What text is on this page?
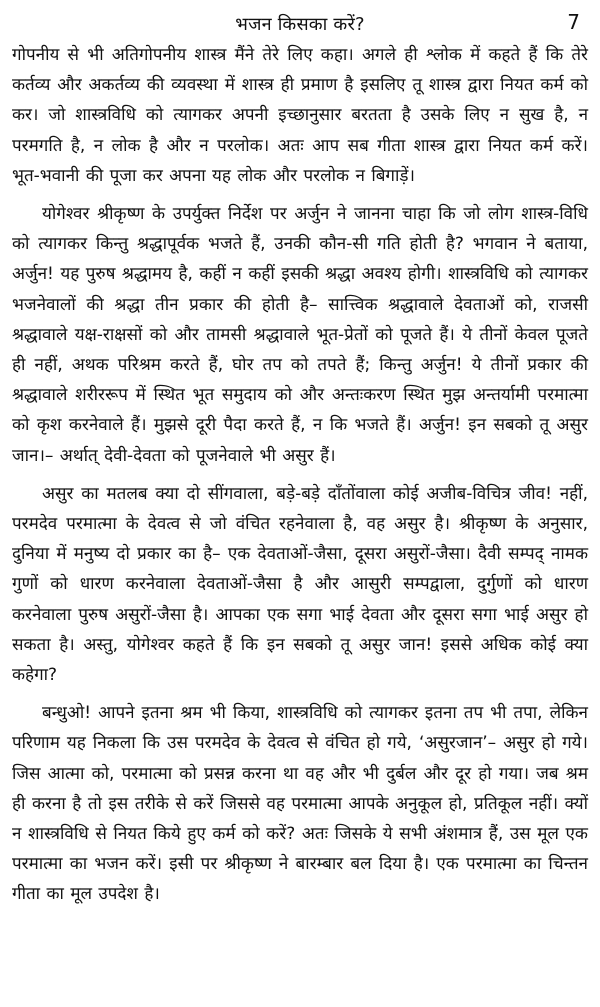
भजन किसका करें?	7

गोपनीय से भी अतिगोपनीय शास्त्र मैंने तेरे लिए कहा। अगले ही श्लोक में कहते हैं कि तेरे कर्तव्य और अकर्तव्य की व्यवस्था में शास्त्र ही प्रमाण है इसलिए तू शास्त्र द्वारा नियत कर्म को कर। जो शास्त्रविधि को त्यागकर अपनी इच्छानुसार बरतता है उसके लिए न सुख है, न परमगति है, न लोक है और न परलोक। अतः आप सब गीता शास्त्र द्वारा नियत कर्म करें। भूत-भवानी की पूजा कर अपना यह लोक और परलोक न बिगाड़ें।

योगेश्वर श्रीकृष्ण के उपर्युक्त निर्देश पर अर्जुन ने जानना चाहा कि जो लोग शास्त्र-विधि को त्यागकर किन्तु श्रद्धापूर्वक भजते हैं, उनकी कौन-सी गति होती है? भगवान ने बताया, अर्जुन! यह पुरुष श्रद्धामय है, कहीं न कहीं इसकी श्रद्धा अवश्य होगी। शास्त्रविधि को त्यागकर भजनेवालों की श्रद्धा तीन प्रकार की होती है– सात्त्विक श्रद्धावाले देवताओं को, राजसी श्रद्धावाले यक्ष-राक्षसों को और तामसी श्रद्धावाले भूत-प्रेतों को पूजते हैं। ये तीनों केवल पूजते ही नहीं, अथक परिश्रम करते हैं, घोर तप को तपते हैं; किन्तु अर्जुन! ये तीनों प्रकार की श्रद्धावाले शरीररूप में स्थित भूत समुदाय को और अन्तःकरण स्थित मुझ अन्तर्यामी परमात्मा को कृश करनेवाले हैं। मुझसे दूरी पैदा करते हैं, न कि भजते हैं। अर्जुन! इन सबको तू असुर जान।– अर्थात् देवी-देवता को पूजनेवाले भी असुर हैं।

असुर का मतलब क्या दो सींगवाला, बड़े-बड़े दाँतोंवाला कोई अजीब-विचित्र जीव! नहीं, परमदेव परमात्मा के देवत्व से जो वंचित रहनेवाला है, वह असुर है। श्रीकृष्ण के अनुसार, दुनिया में मनुष्य दो प्रकार का है– एक देवताओं-जैसा, दूसरा असुरों-जैसा। दैवी सम्पद् नामक गुणों को धारण करनेवाला देवताओं-जैसा है और आसुरी सम्पद्वाला, दुर्गुणों को धारण करनेवाला पुरुष असुरों-जैसा है। आपका एक सगा भाई देवता और दूसरा सगा भाई असुर हो सकता है। अस्तु, योगेश्वर कहते हैं कि इन सबको तू असुर जान! इससे अधिक कोई क्या कहेगा?

बन्धुओ! आपने इतना श्रम भी किया, शास्त्रविधि को त्यागकर इतना तप भी तपा, लेकिन परिणाम यह निकला कि उस परमदेव के देवत्व से वंचित हो गये, ‘असुरजान’– असुर हो गये। जिस आत्मा को, परमात्मा को प्रसन्न करना था वह और भी दुर्बल और दूर हो गया। जब श्रम ही करना है तो इस तरीके से करें जिससे वह परमात्मा आपके अनुकूल हो, प्रतिकूल नहीं। क्यों न शास्त्रविधि से नियत किये हुए कर्म को करें? अतः जिसके ये सभी अंशमात्र हैं, उस मूल एक परमात्मा का भजन करें। इसी पर श्रीकृष्ण ने बारम्बार बल दिया है। एक परमात्मा का चिन्तन गीता का मूल उपदेश है।
